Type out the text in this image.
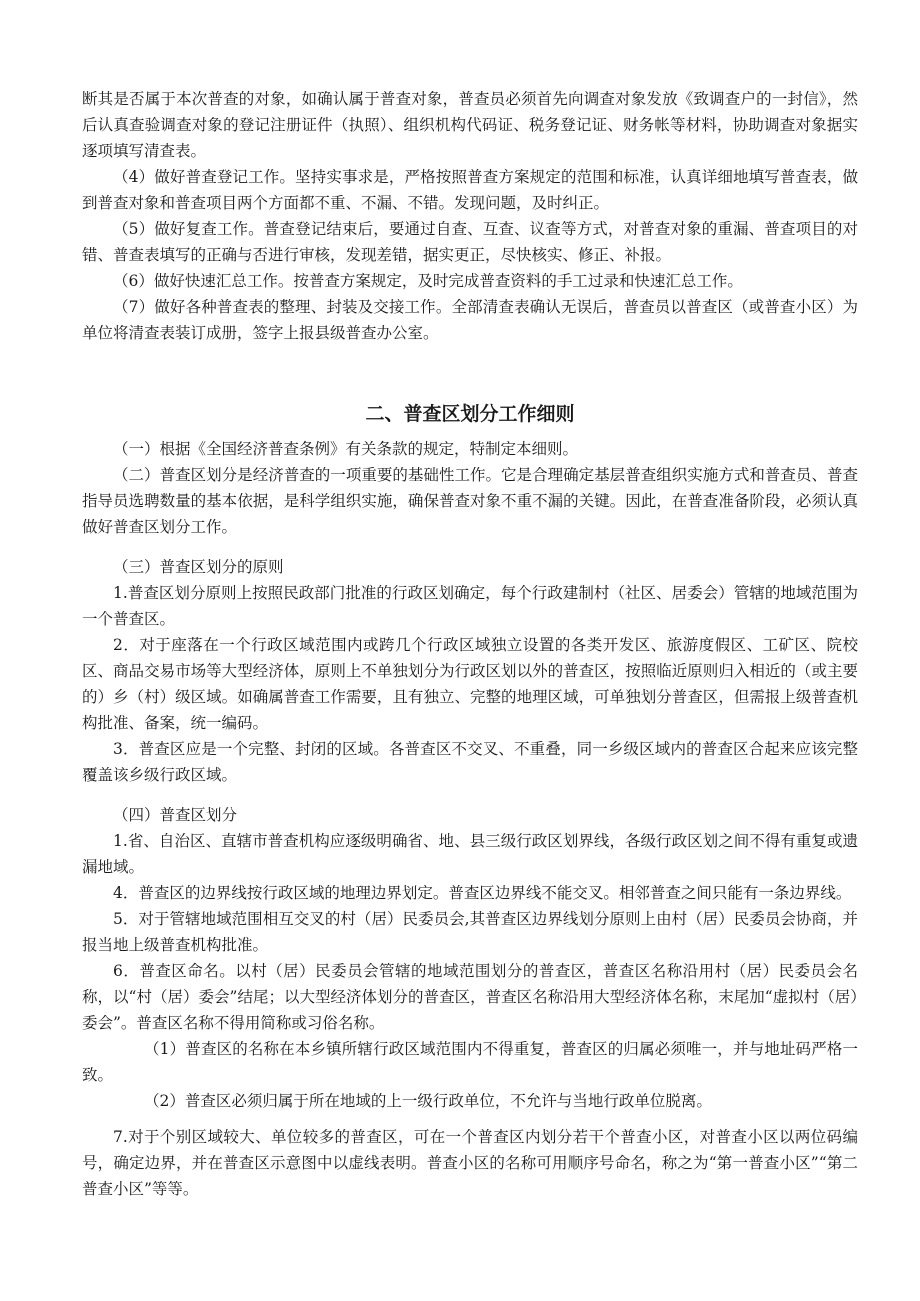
断其是否属于本次普查的对象，如确认属于普查对象，普查员必须首先向调查对象发放《致调查户的一封信》，然后认真查验调查对象的登记注册证件（执照）、组织机构代码证、税务登记证、财务帐等材料，协助调查对象据实逐项填写清查表。

（4）做好普查登记工作。坚持实事求是，严格按照普查方案规定的范围和标准，认真详细地填写普查表，做到普查对象和普查项目两个方面都不重、不漏、不错。发现问题，及时纠正。

（5）做好复查工作。普查登记结束后，要通过自查、互查、议查等方式，对普查对象的重漏、普查项目的对错、普查表填写的正确与否进行审核，发现差错，据实更正，尽快核实、修正、补报。

（6）做好快速汇总工作。按普查方案规定，及时完成普查资料的手工过录和快速汇总工作。

（7）做好各种普查表的整理、封装及交接工作。全部清查表确认无误后，普查员以普查区（或普查小区）为单位将清查表装订成册，签字上报县级普查办公室。

二、普查区划分工作细则

（一）根据《全国经济普查条例》有关条款的规定，特制定本细则。

（二）普查区划分是经济普查的一项重要的基础性工作。它是合理确定基层普查组织实施方式和普查员、普查指导员选聘数量的基本依据，是科学组织实施，确保普查对象不重不漏的关键。因此，在普查准备阶段，必须认真做好普查区划分工作。

（三）普查区划分的原则

1.普查区划分原则上按照民政部门批准的行政区划确定，每个行政建制村（社区、居委会）管辖的地域范围为一个普查区。

2．对于座落在一个行政区域范围内或跨几个行政区域独立设置的各类开发区、旅游度假区、工矿区、院校区、商品交易市场等大型经济体，原则上不单独划分为行政区划以外的普查区，按照临近原则归入相近的（或主要的）乡（村）级区域。如确属普查工作需要，且有独立、完整的地理区域，可单独划分普查区，但需报上级普查机构批准、备案，统一编码。

3．普查区应是一个完整、封闭的区域。各普查区不交叉、不重叠，同一乡级区域内的普查区合起来应该完整覆盖该乡级行政区域。

（四）普查区划分

1.省、自治区、直辖市普查机构应逐级明确省、地、县三级行政区划界线，各级行政区划之间不得有重复或遗漏地域。

4．普查区的边界线按行政区域的地理边界划定。普查区边界线不能交叉。相邻普查之间只能有一条边界线。

5．对于管辖地域范围相互交叉的村（居）民委员会,其普查区边界线划分原则上由村（居）民委员会协商，并报当地上级普查机构批准。

6．普查区命名。以村（居）民委员会管辖的地域范围划分的普查区，普查区名称沿用村（居）民委员会名称，以“村（居）委会”结尾；以大型经济体划分的普查区，普查区名称沿用大型经济体名称，末尾加“虚拟村（居）委会”。普查区名称不得用简称或习俗名称。

（1）普查区的名称在本乡镇所辖行政区域范围内不得重复，普查区的归属必须唯一，并与地址码严格一致。

（2）普查区必须归属于所在地域的上一级行政单位，不允许与当地行政单位脱离。

7.对于个别区域较大、单位较多的普查区，可在一个普查区内划分若干个普查小区，对普查小区以两位码编号，确定边界，并在普查区示意图中以虚线表明。普查小区的名称可用顺序号命名，称之为“第一普查小区”“第二普查小区”等等。
